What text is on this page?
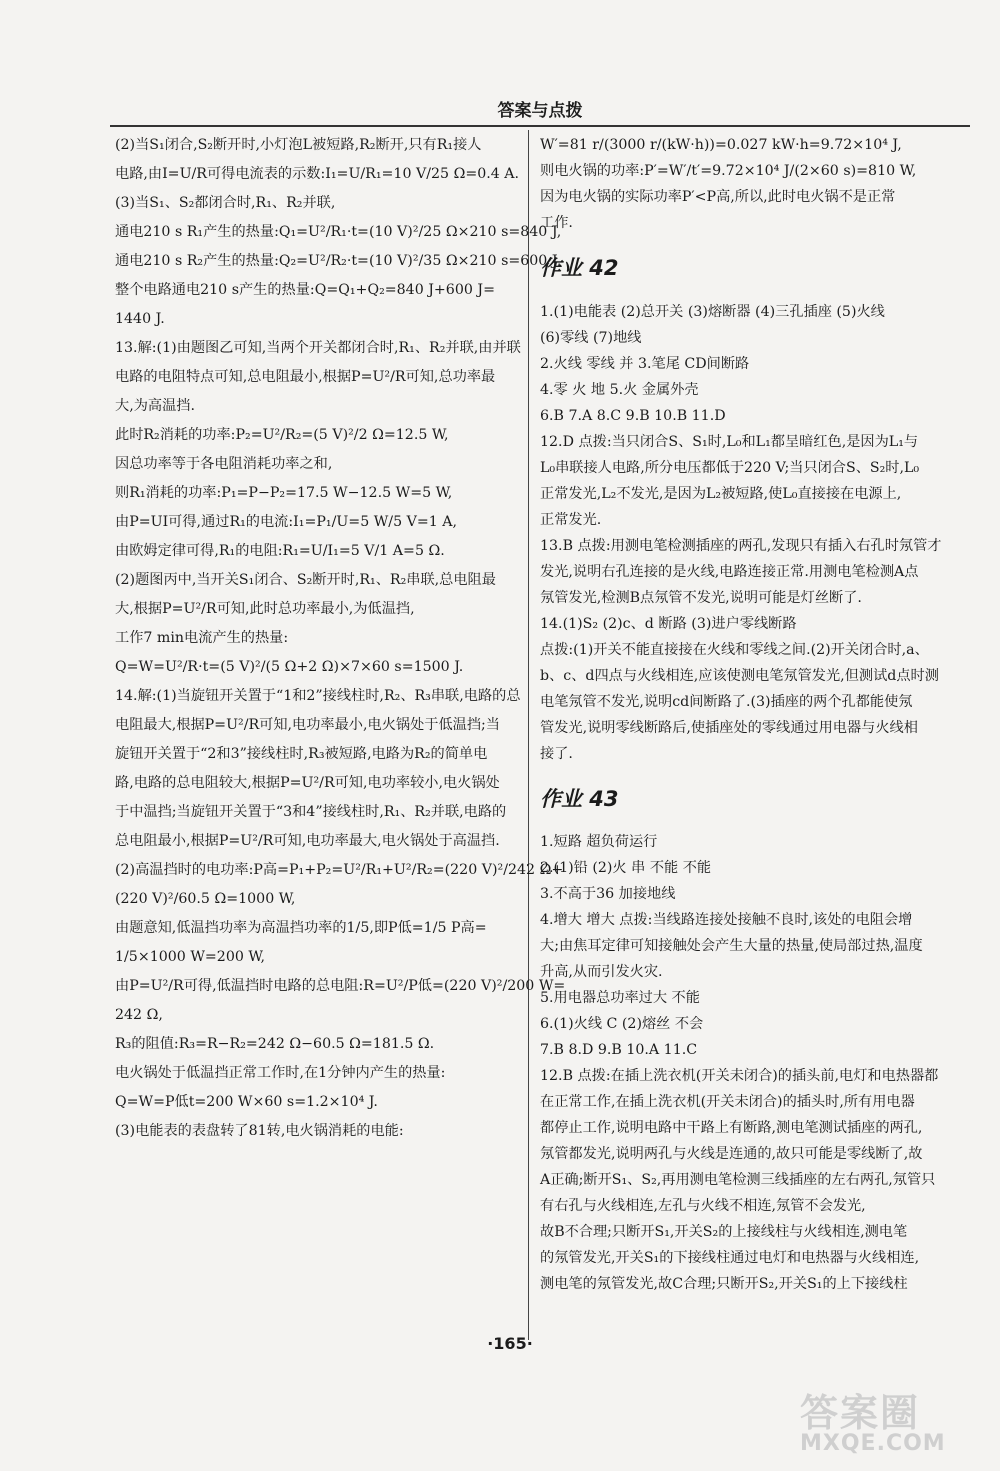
答案与点拨
(2)当S₁闭合,S₂断开时,小灯泡L被短路,R₂断开,只有R₁接人
电路,由I=U/R可得电流表的示数:I₁=U/R₁=10 V/25 Ω=0.4 A.
(3)当S₁、S₂都闭合时,R₁、R₂并联,
通电210 s R₁产生的热量:Q₁=U²/R₁·t=(10 V)²/25 Ω×210 s=840 J,
通电210 s R₂产生的热量:Q₂=U²/R₂·t=(10 V)²/35 Ω×210 s=600 J,
整个电路通电210 s产生的热量:Q=Q₁+Q₂=840 J+600 J=
1440 J.
13.解:(1)由题图乙可知,当两个开关都闭合时,R₁、R₂并联,由并联
电路的电阻特点可知,总电阻最小,根据P=U²/R可知,总功率最
大,为高温挡.
此时R₂消耗的功率:P₂=U²/R₂=(5 V)²/2 Ω=12.5 W,
因总功率等于各电阻消耗功率之和,
则R₁消耗的功率:P₁=P−P₂=17.5 W−12.5 W=5 W,
由P=UI可得,通过R₁的电流:I₁=P₁/U=5 W/5 V=1 A,
由欧姆定律可得,R₁的电阻:R₁=U/I₁=5 V/1 A=5 Ω.
(2)题图丙中,当开关S₁闭合、S₂断开时,R₁、R₂串联,总电阻最
大,根据P=U²/R可知,此时总功率最小,为低温挡,
工作7 min电流产生的热量:
Q=W=U²/R·t=(5 V)²/(5 Ω+2 Ω)×7×60 s=1500 J.
14.解:(1)当旋钮开关置于“1和2”接线柱时,R₂、R₃串联,电路的总
电阻最大,根据P=U²/R可知,电功率最小,电火锅处于低温挡;当
旋钮开关置于“2和3”接线柱时,R₃被短路,电路为R₂的简单电
路,电路的总电阻较大,根据P=U²/R可知,电功率较小,电火锅处
于中温挡;当旋钮开关置于“3和4”接线柱时,R₁、R₂并联,电路的
总电阻最小,根据P=U²/R可知,电功率最大,电火锅处于高温挡.
(2)高温挡时的电功率:P高=P₁+P₂=U²/R₁+U²/R₂=(220 V)²/242 Ω+
(220 V)²/60.5 Ω=1000 W,
由题意知,低温挡功率为高温挡功率的1/5,即P低=1/5 P高=
1/5×1000 W=200 W,
由P=U²/R可得,低温挡时电路的总电阻:R=U²/P低=(220 V)²/200 W=
242 Ω,
R₃的阻值:R₃=R−R₂=242 Ω−60.5 Ω=181.5 Ω.
电火锅处于低温挡正常工作时,在1分钟内产生的热量:
Q=W=P低t=200 W×60 s=1.2×10⁴ J.
(3)电能表的表盘转了81转,电火锅消耗的电能:
W′=81 r/(3000 r/(kW·h))=0.027 kW·h=9.72×10⁴ J,
则电火锅的功率:P′=W′/t′=9.72×10⁴ J/(2×60 s)=810 W,
因为电火锅的实际功率P′<P高,所以,此时电火锅不是正常
工作.
作业 42
1.(1)电能表 (2)总开关 (3)熔断器 (4)三孔插座 (5)火线
(6)零线 (7)地线
2.火线 零线 并 3.笔尾 CD间断路
4.零 火 地 5.火 金属外壳
6.B 7.A 8.C 9.B 10.B 11.D
12.D 点拨:当只闭合S、S₁时,L₀和L₁都呈暗红色,是因为L₁与
L₀串联接人电路,所分电压都低于220 V;当只闭合S、S₂时,L₀
正常发光,L₂不发光,是因为L₂被短路,使L₀直接接在电源上,
正常发光.
13.B 点拨:用测电笔检测插座的两孔,发现只有插入右孔时氖管才
发光,说明右孔连接的是火线,电路连接正常.用测电笔检测A点
氖管发光,检测B点氖管不发光,说明可能是灯丝断了.
14.(1)S₂ (2)c、d 断路 (3)进户零线断路
点拨:(1)开关不能直接接在火线和零线之间.(2)开关闭合时,a、
b、c、d四点与火线相连,应该使测电笔氖管发光,但测试d点时测
电笔氖管不发光,说明cd间断路了.(3)插座的两个孔都能使氖
管发光,说明零线断路后,使插座处的零线通过用电器与火线相
接了.
作业 43
1.短路 超负荷运行
2.(1)铅 (2)火 串 不能 不能
3.不高于36 加接地线
4.增大 增大 点拨:当线路连接处接触不良时,该处的电阻会增
大;由焦耳定律可知接触处会产生大量的热量,使局部过热,温度
升高,从而引发火灾.
5.用电器总功率过大 不能
6.(1)火线 C (2)熔丝 不会
7.B 8.D 9.B 10.A 11.C
12.B 点拨:在插上洗衣机(开关未闭合)的插头前,电灯和电热器都
在正常工作,在插上洗衣机(开关未闭合)的插头时,所有用电器
都停止工作,说明电路中干路上有断路,测电笔测试插座的两孔,
氖管都发光,说明两孔与火线是连通的,故只可能是零线断了,故
A正确;断开S₁、S₂,再用测电笔检测三线插座的左右两孔,氖管只
有右孔与火线相连,左孔与火线不相连,氖管不会发光,
故B不合理;只断开S₁,开关S₂的上接线柱与火线相连,测电笔
的氖管发光,开关S₁的下接线柱通过电灯和电热器与火线相连,
测电笔的氖管发光,故C合理;只断开S₂,开关S₁的上下接线柱
·165·
答案圈
MXQE.COM
